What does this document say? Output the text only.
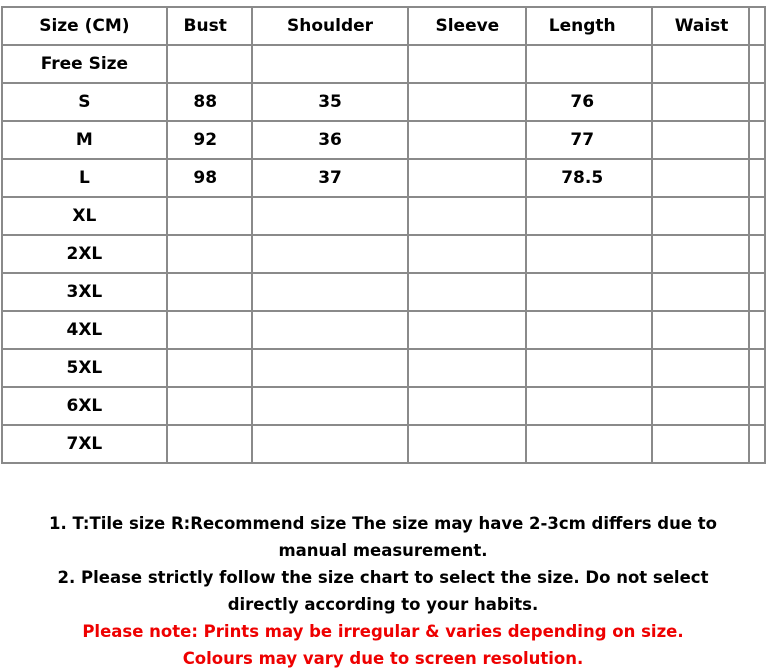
Size (CM)	Bust	Shoulder	Sleeve	Length	Waist	
Free Size						
S	88	35		76		
M	92	36		77		
L	98	37		78.5		
XL						
2XL						
3XL						
4XL						
5XL						
6XL						
7XL						

1. T:Tile size R:Recommend size The size may have 2-3cm differs due to manual measurement.

2. Please strictly follow the size chart to select the size. Do not select directly according to your habits.

Please note: Prints may be irregular & varies depending on size.

Colours may vary due to screen resolution.
